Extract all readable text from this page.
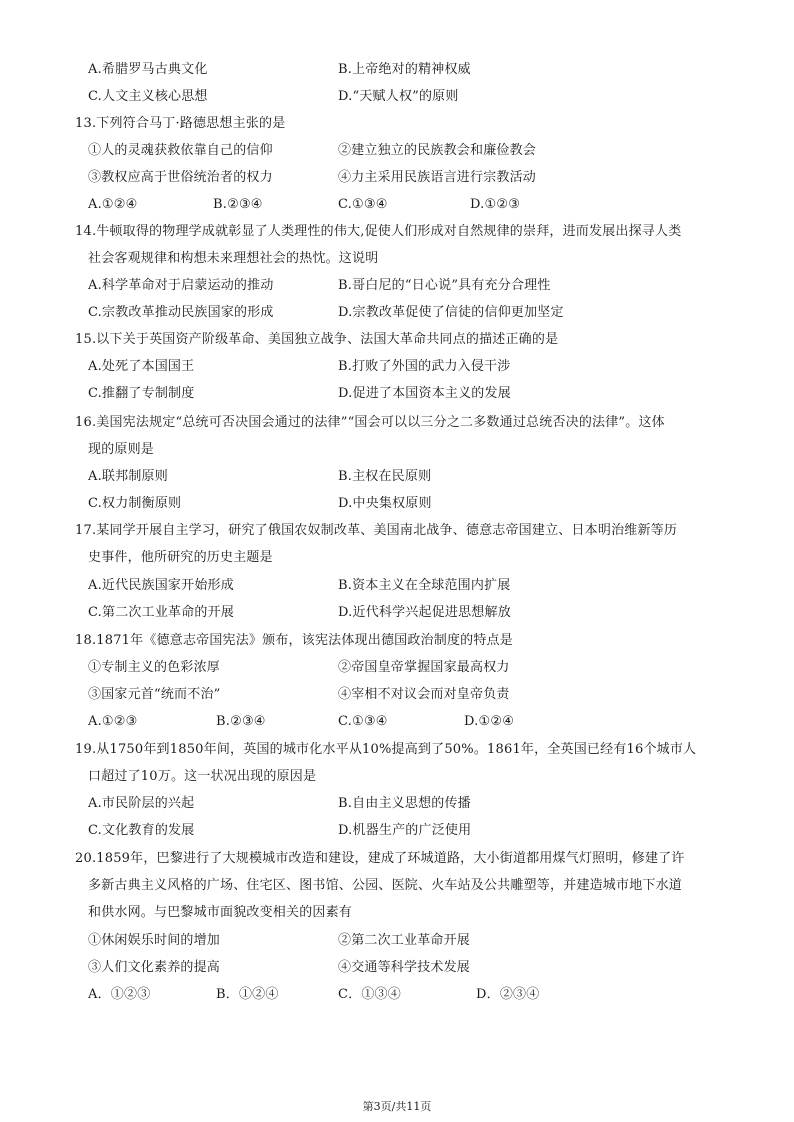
A.希腊罗马古典文化	B.上帝绝对的精神权威
C.人文主义核心思想	D.“天赋人权”的原则
13.下列符合马丁·路德思想主张的是
①人的灵魂获救依靠自己的信仰	②建立独立的民族教会和廉俭教会
③教权应高于世俗统治者的权力	④力主采用民族语言进行宗教活动
A.①②④	B.②③④	C.①③④	D.①②③
14.牛顿取得的物理学成就彰显了人类理性的伟大,促使人们形成对自然规律的崇拜，进而发展出探寻人类
社会客观规律和构想未来理想社会的热忱。这说明
A.科学革命对于启蒙运动的推动	B.哥白尼的“日心说”具有充分合理性
C.宗教改革推动民族国家的形成	D.宗教改革促使了信徒的信仰更加坚定
15.以下关于英国资产阶级革命、美国独立战争、法国大革命共同点的描述正确的是
A.处死了本国国王	B.打败了外国的武力入侵干涉
C.推翻了专制制度	D.促进了本国资本主义的发展
16.美国宪法规定“总统可否决国会通过的法律”“国会可以以三分之二多数通过总统否决的法律”。这体
现的原则是
A.联邦制原则	B.主权在民原则
C.权力制衡原则	D.中央集权原则
17.某同学开展自主学习，研究了俄国农奴制改革、美国南北战争、德意志帝国建立、日本明治维新等历
史事件，他所研究的历史主题是
A.近代民族国家开始形成	B.资本主义在全球范围内扩展
C.第二次工业革命的开展	D.近代科学兴起促进思想解放
18.1871年《德意志帝国宪法》颁布，该宪法体现出德国政治制度的特点是
①专制主义的色彩浓厚	②帝国皇帝掌握国家最高权力
③国家元首“统而不治”	④宰相不对议会而对皇帝负责
A.①②③	B.②③④	C.①③④	D.①②④
19.从1750年到1850年间，英国的城市化水平从10%提高到了50%。1861年，全英国已经有16个城市人
口超过了10万。这一状况出现的原因是
A.市民阶层的兴起	B.自由主义思想的传播
C.文化教育的发展	D.机器生产的广泛使用
20.1859年，巴黎进行了大规模城市改造和建设，建成了环城道路，大小街道都用煤气灯照明，修建了许
多新古典主义风格的广场、住宅区、图书馆、公园、医院、火车站及公共雕塑等，并建造城市地下水道
和供水网。与巴黎城市面貌改变相关的因素有
①休闲娱乐时间的增加	②第二次工业革命开展
③人们文化素养的提高	④交通等科学技术发展
A．①②③	B．①②④	C．①③④	D．②③④
第3页/共11页
